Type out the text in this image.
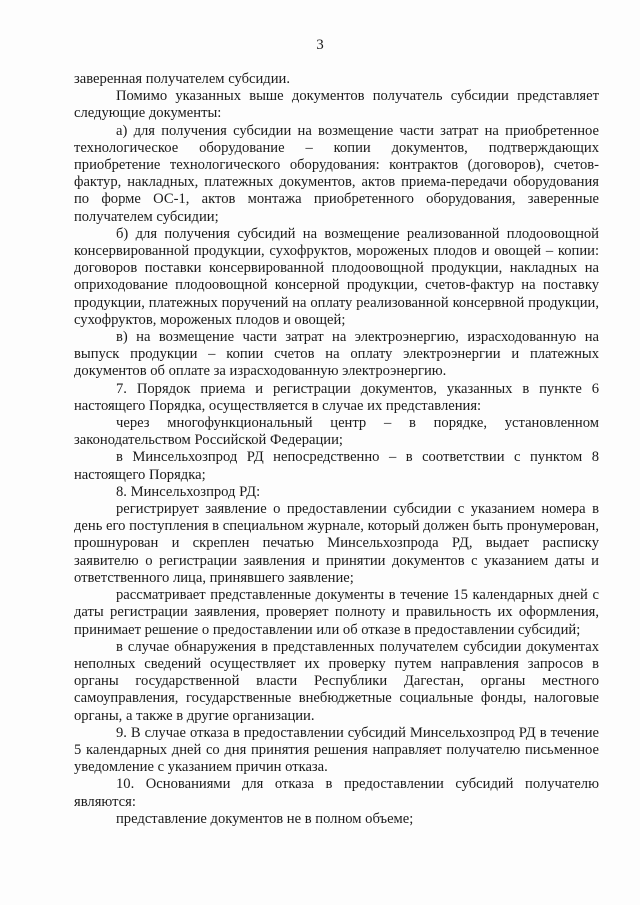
3

заверенная получателем субсидии.

Помимо указанных выше документов получатель субсидии представляет следующие документы:

а) для получения субсидии на возмещение части затрат на приобретенное технологическое оборудование – копии документов, подтверждающих приобретение технологического оборудования: контрактов (договоров), счетов-фактур, накладных, платежных документов, актов приема-передачи оборудования по форме ОС-1, актов монтажа приобретенного оборудования, заверенные получателем субсидии;

б) для получения субсидий на возмещение реализованной плодоовощной консервированной продукции, сухофруктов, мороженых плодов и овощей – копии: договоров поставки консервированной плодоовощной продукции, накладных на оприходование плодоовощной консерной продукции, счетов-фактур на поставку продукции, платежных поручений на оплату реализованной консервной продукции, сухофруктов, мороженых плодов и овощей;

в) на возмещение части затрат на электроэнергию, израсходованную на выпуск продукции – копии счетов на оплату электроэнергии и платежных документов об оплате за израсходованную электроэнергию.

7. Порядок приема и регистрации документов, указанных в пункте 6 настоящего Порядка, осуществляется в случае их представления:

через многофункциональный центр – в порядке, установленном законодательством Российской Федерации;

в Минсельхозпрод РД непосредственно – в соответствии с пунктом 8 настоящего Порядка;

8. Минсельхозпрод РД:

регистрирует заявление о предоставлении субсидии с указанием номера в день его поступления в специальном журнале, который должен быть пронумерован, прошнурован и скреплен печатью Минсельхозпрода РД, выдает расписку заявителю о регистрации заявления и принятии документов с указанием даты и ответственного лица, принявшего заявление;

рассматривает представленные документы в течение 15 календарных дней с даты регистрации заявления, проверяет полноту и правильность их оформления, принимает решение о предоставлении или об отказе в предоставлении субсидий;

в случае обнаружения в представленных получателем субсидии документах неполных сведений осуществляет их проверку путем направления запросов в органы государственной власти Республики Дагестан, органы местного самоуправления, государственные внебюджетные социальные фонды, налоговые органы, а также в другие организации.

9. В случае отказа в предоставлении субсидий Минсельхозпрод РД в течение 5 календарных дней со дня принятия решения направляет получателю письменное уведомление с указанием причин отказа.

10. Основаниями для отказа в предоставлении субсидий получателю являются:

представление документов не в полном объеме;
